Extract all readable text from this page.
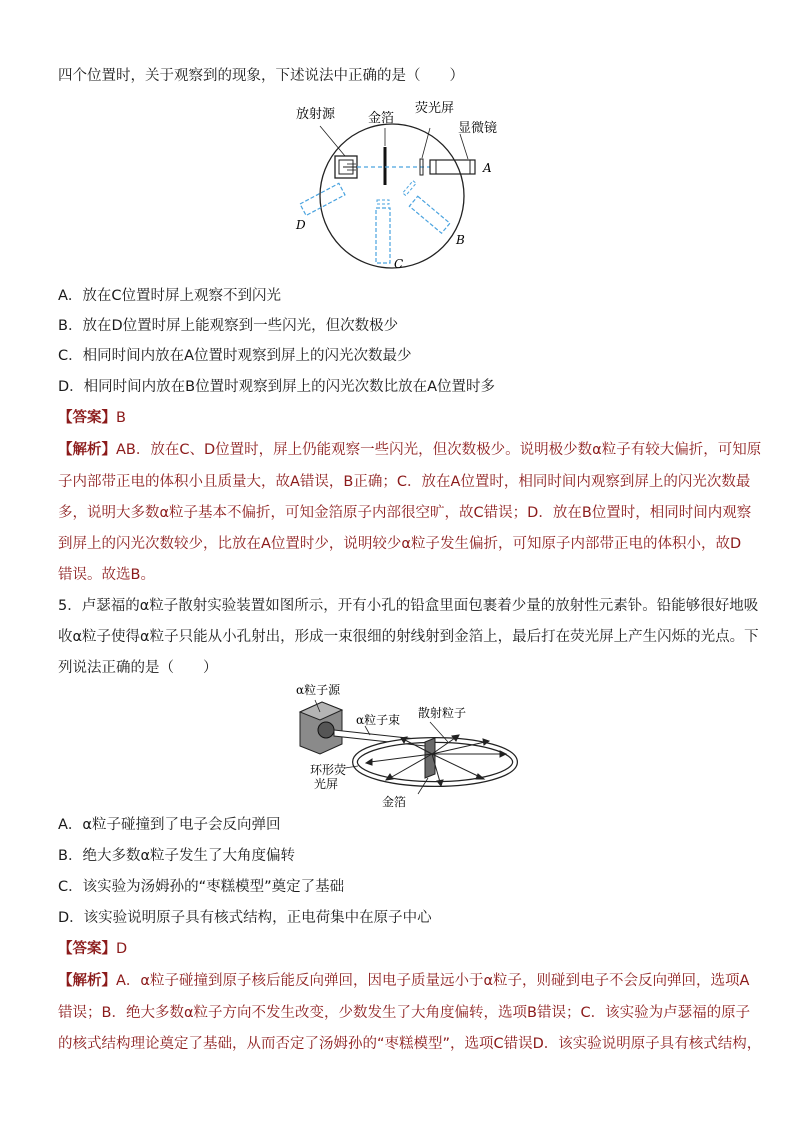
四个位置时，关于观察到的现象，下述说法中正确的是（　　）
放射源	金箔
荧光屏
显微镜
A
B
C
D
A．放在C位置时屏上观察不到闪光
B．放在D位置时屏上能观察到一些闪光，但次数极少
C．相同时间内放在A位置时观察到屏上的闪光次数最少
D．相同时间内放在B位置时观察到屏上的闪光次数比放在A位置时多
【答案】B
【解析】AB．放在C、D位置时，屏上仍能观察一些闪光，但次数极少。说明极少数α粒子有较大偏折，可知原
子内部带正电的体积小且质量大，故A错误，B正确；C．放在A位置时，相同时间内观察到屏上的闪光次数最
多，说明大多数α粒子基本不偏折，可知金箔原子内部很空旷，故C错误；D．放在B位置时，相同时间内观察
到屏上的闪光次数较少，比放在A位置时少，说明较少α粒子发生偏折，可知原子内部带正电的体积小，故D
错误。故选B。
5．卢瑟福的α粒子散射实验装置如图所示，开有小孔的铅盒里面包裹着少量的放射性元素钋。铅能够很好地吸
收α粒子使得α粒子只能从小孔射出，形成一束很细的射线射到金箔上，最后打在荧光屏上产生闪烁的光点。下
列说法正确的是（　　）
α粒子源
α粒子束 散射粒子
环形荧
光屏
金箔
A．α粒子碰撞到了电子会反向弹回
B．绝大多数α粒子发生了大角度偏转
C．该实验为汤姆孙的“枣糕模型”奠定了基础
D．该实验说明原子具有核式结构，正电荷集中在原子中心
【答案】D
【解析】A．α粒子碰撞到原子核后能反向弹回，因电子质量远小于α粒子，则碰到电子不会反向弹回，选项A
错误；B．绝大多数α粒子方向不发生改变，少数发生了大角度偏转，选项B错误；C．该实验为卢瑟福的原子
的核式结构理论奠定了基础，从而否定了汤姆孙的“枣糕模型”，选项C错误D．该实验说明原子具有核式结构，
